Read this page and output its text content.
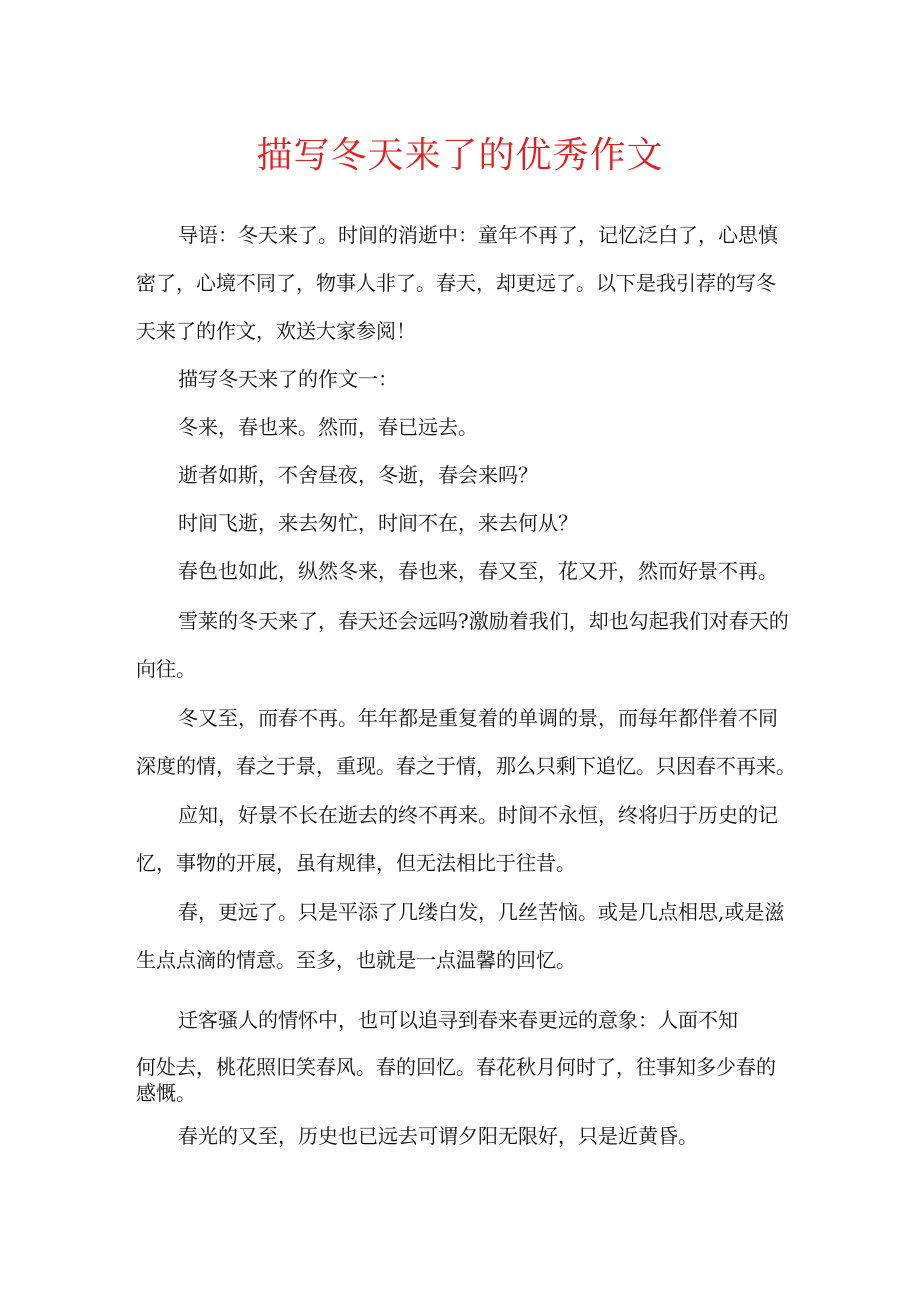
描写冬天来了的优秀作文
导语：冬天来了。时间的消逝中：童年不再了，记忆泛白了，心思慎
密了，心境不同了，物事人非了。春天，却更远了。以下是我引荐的写冬
天来了的作文，欢送大家参阅！
描写冬天来了的作文一：
冬来，春也来。然而，春已远去。
逝者如斯，不舍昼夜，冬逝，春会来吗？
时间飞逝，来去匆忙，时间不在，来去何从？
春色也如此，纵然冬来，春也来，春又至，花又开，然而好景不再。
雪莱的冬天来了，春天还会远吗?激励着我们，却也勾起我们对春天的
向往。
冬又至，而春不再。年年都是重复着的单调的景，而每年都伴着不同
深度的情，春之于景，重现。春之于情，那么只剩下追忆。只因春不再来。
应知，好景不长在逝去的终不再来。时间不永恒，终将归于历史的记
忆，事物的开展，虽有规律，但无法相比于往昔。
春，更远了。只是平添了几缕白发，几丝苦恼。或是几点相思,或是滋
生点点滴的情意。至多，也就是一点温馨的回忆。
迁客骚人的情怀中，也可以追寻到春来春更远的意象：人面不知
何处去，桃花照旧笑春风。春的回忆。春花秋月何时了，往事知多少春的
感慨。
春光的又至，历史也已远去可谓夕阳无限好，只是近黄昏。
